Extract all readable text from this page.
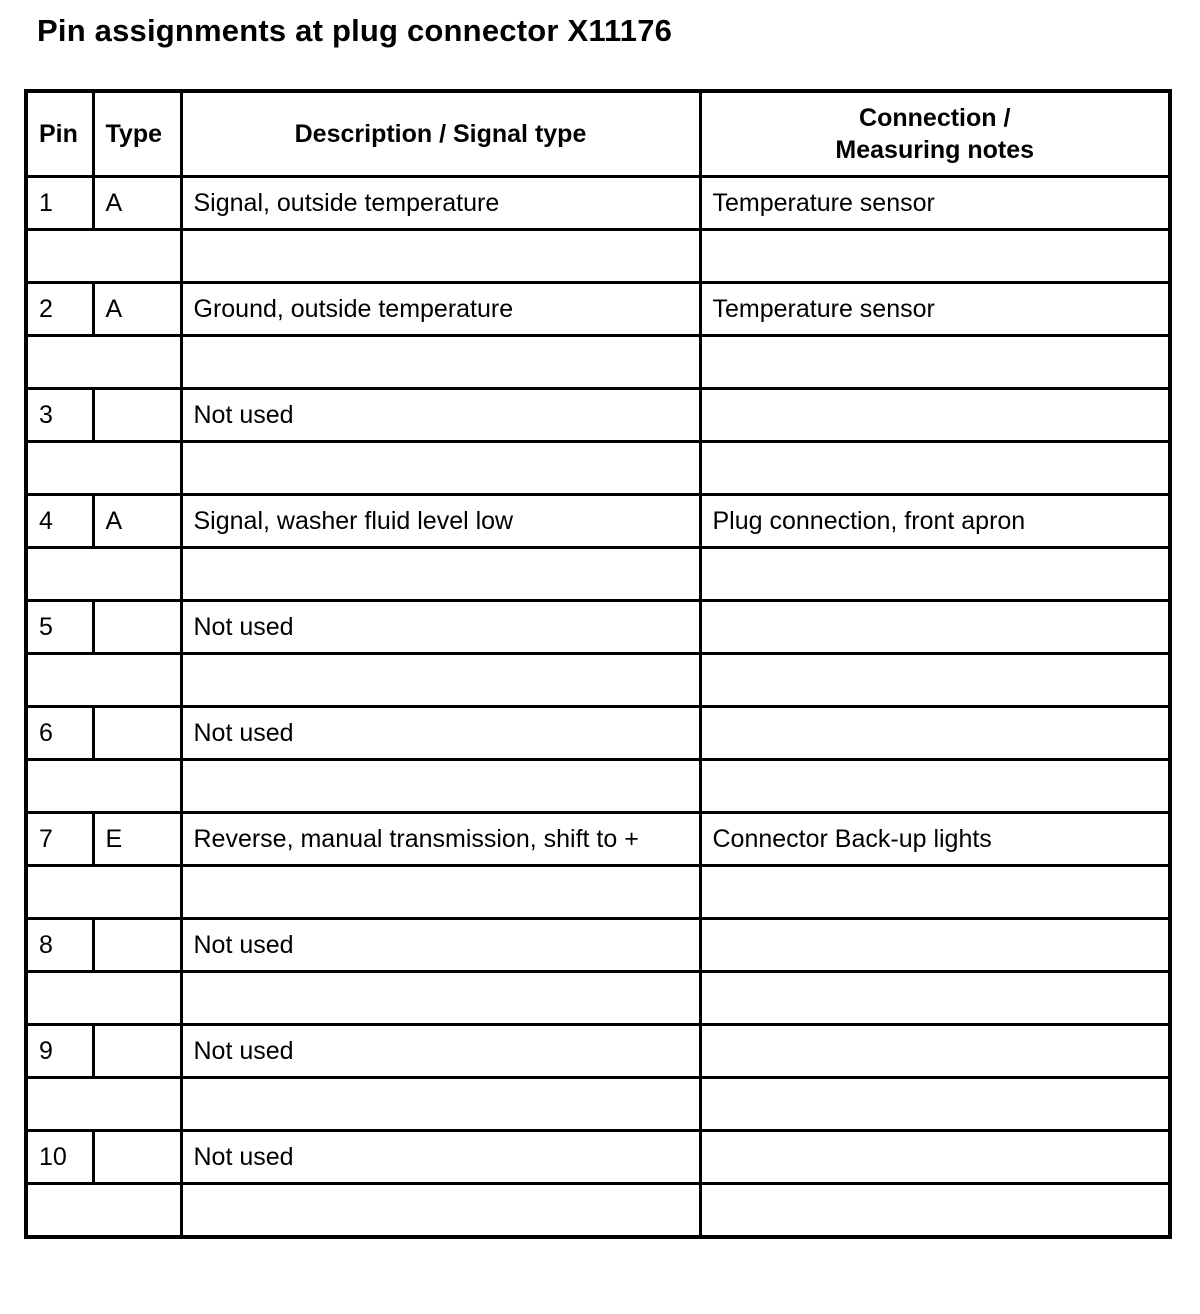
Pin assignments at plug connector X11176
Pin	Type	Description / Signal type	Connection /
Measuring notes
1	A	Signal, outside temperature	Temperature sensor

2	A	Ground, outside temperature	Temperature sensor

3		Not used	

4	A	Signal, washer fluid level low	Plug connection, front apron

5		Not used	

6		Not used	

7	E	Reverse, manual transmission, shift to +	Connector Back-up lights

8		Not used	

9		Not used	

10		Not used	
